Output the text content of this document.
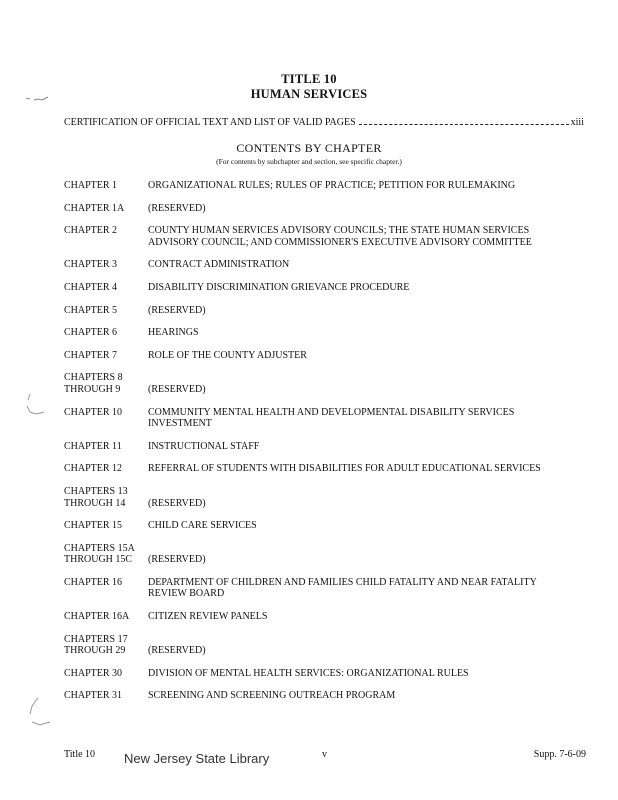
TITLE 10
HUMAN SERVICES
CERTIFICATION OF OFFICIAL TEXT AND LIST OF VALID PAGES	xiii
CONTENTS BY CHAPTER
(For contents by subchapter and section, see specific chapter.)
CHAPTER 1	ORGANIZATIONAL RULES; RULES OF PRACTICE; PETITION FOR RULEMAKING
CHAPTER 1A	(RESERVED)
CHAPTER 2	COUNTY HUMAN SERVICES ADVISORY COUNCILS; THE STATE HUMAN SERVICES ADVISORY COUNCIL; AND COMMISSIONER'S EXECUTIVE ADVISORY COMMITTEE
CHAPTER 3	CONTRACT ADMINISTRATION
CHAPTER 4	DISABILITY DISCRIMINATION GRIEVANCE PROCEDURE
CHAPTER 5	(RESERVED)
CHAPTER 6	HEARINGS
CHAPTER 7	ROLE OF THE COUNTY ADJUSTER
CHAPTERS 8
THROUGH 9	(RESERVED)
CHAPTER 10	COMMUNITY MENTAL HEALTH AND DEVELOPMENTAL DISABILITY SERVICES INVESTMENT
CHAPTER 11	INSTRUCTIONAL STAFF
CHAPTER 12	REFERRAL OF STUDENTS WITH DISABILITIES FOR ADULT EDUCATIONAL SERVICES
CHAPTERS 13
THROUGH 14	(RESERVED)
CHAPTER 15	CHILD CARE SERVICES
CHAPTERS 15A
THROUGH 15C	(RESERVED)
CHAPTER 16	DEPARTMENT OF CHILDREN AND FAMILIES CHILD FATALITY AND NEAR FATALITY REVIEW BOARD
CHAPTER 16A	CITIZEN REVIEW PANELS
CHAPTERS 17
THROUGH 29	(RESERVED)
CHAPTER 30	DIVISION OF MENTAL HEALTH SERVICES: ORGANIZATIONAL RULES
CHAPTER 31	SCREENING AND SCREENING OUTREACH PROGRAM
Title 10 New Jersey State Library	v	Supp. 7-6-09
